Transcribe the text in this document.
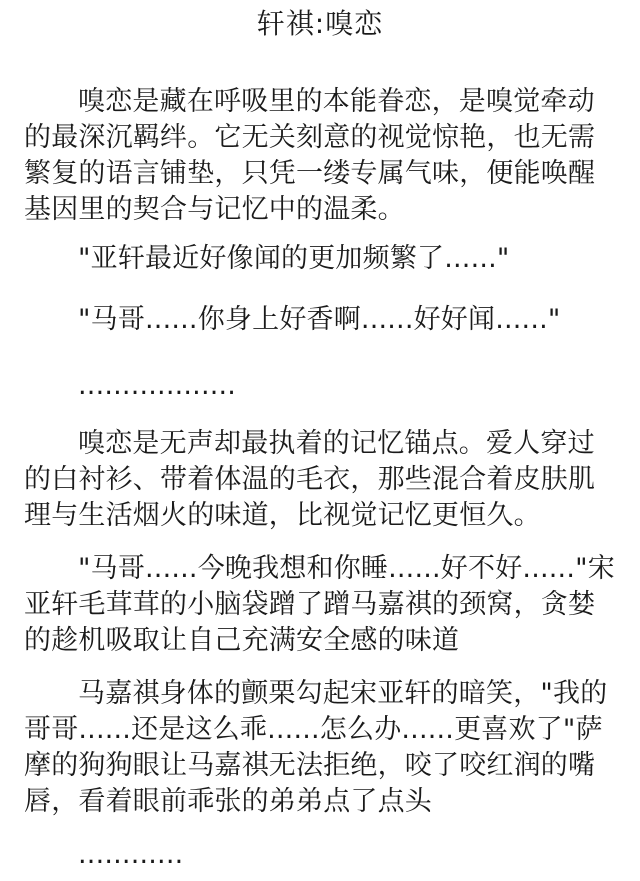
轩祺:嗅恋

嗅恋是藏在呼吸里的本能眷恋，是嗅觉牵动的最深沉羁绊。它无关刻意的视觉惊艳，也无需繁复的语言铺垫，只凭一缕专属气味，便能唤醒基因里的契合与记忆中的温柔。

"亚轩最近好像闻的更加频繁了......"

"马哥......你身上好香啊......好好闻......"

..................

嗅恋是无声却最执着的记忆锚点。爱人穿过的白衬衫、带着体温的毛衣，那些混合着皮肤肌理与生活烟火的味道，比视觉记忆更恒久。

"马哥......今晚我想和你睡......好不好......"宋亚轩毛茸茸的小脑袋蹭了蹭马嘉祺的颈窝，贪婪的趁机吸取让自己充满安全感的味道

马嘉祺身体的颤栗勾起宋亚轩的暗笑，"我的哥哥......还是这么乖......怎么办......更喜欢了"萨摩的狗狗眼让马嘉祺无法拒绝，咬了咬红润的嘴唇，看着眼前乖张的弟弟点了点头

............
